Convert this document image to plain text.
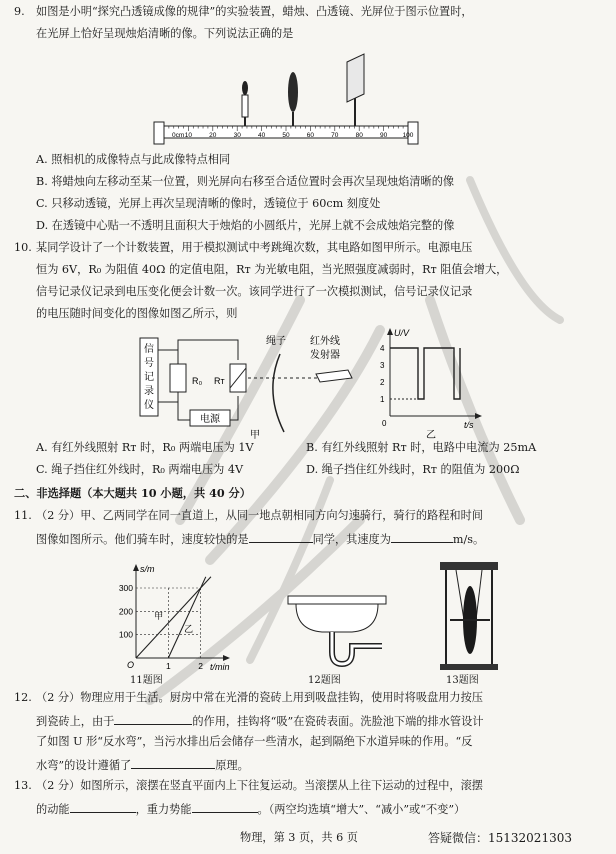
9. 如图是小明“探究凸透镜成像的规律”的实验装置，蜡烛、凸透镜、光屏位于图示位置时，
在光屏上恰好呈现烛焰清晰的像。下列说法正确的是
0cm 10	20	30	40	50	60	70	80	90 100
A. 照相机的成像特点与此成像特点相同
B. 将蜡烛向左移动至某一位置，则光屏向右移至合适位置时会再次呈现烛焰清晰的像
C. 只移动透镜，光屏上再次呈现清晰的像时，透镜位于 60cm 刻度处
D. 在透镜中心贴一不透明且面积大于烛焰的小圆纸片，光屏上就不会成烛焰完整的像
10. 某同学设计了一个计数装置，用于模拟测试中考跳绳次数，其电路如图甲所示。电源电压
恒为 6V，R₀ 为阻值 40Ω 的定值电阻，Rᴛ 为光敏电阻，当光照强度减弱时，Rᴛ 阻值会增大，
信号记录仪记录到电压变化便会计数一次。该同学进行了一次模拟测试，信号记录仪记录
的电压随时间变化的图像如图乙所示，则
信
号
记
录
仪
R₀ Rᴛ
电源
绳子 红外线
发射器
甲
U/V
4
3
2
1
0	t/s
乙
A. 有红外线照射 Rᴛ 时，R₀ 两端电压为 1V	B. 有红外线照射 Rᴛ 时，电路中电流为 25mA
C. 绳子挡住红外线时，R₀ 两端电压为 4V	D. 绳子挡住红外线时，Rᴛ 的阻值为 200Ω
二、非选择题（本大题共 10 小题，共 40 分）
11. （2 分）甲、乙两同学在同一直道上，从同一地点朝相同方向匀速骑行，骑行的路程和时间
图像如图所示。他们骑车时，速度较快的是	同学，其速度为	m/s。
s/m
t/min
O
甲
乙
300
200
100
1	2
11题图	12题图	13题图
12. （2 分）物理应用于生活。厨房中常在光滑的瓷砖上用到吸盘挂钩，使用时将吸盘用力按压
到瓷砖上，由于	的作用，挂钩将“吸”在瓷砖表面。洗脸池下端的排水管设计
了如图 U 形“反水弯”，当污水排出后会储存一些清水，起到隔绝下水道异味的作用。“反
水弯”的设计遵循了	原理。
13. （2 分）如图所示，滚摆在竖直平面内上下往复运动。当滚摆从上往下运动的过程中，滚摆
的动能	，重力势能	。（两空均选填“增大”、“减小”或“不变”）
物理，第 3 页，共 6 页	答疑微信：15132021303
